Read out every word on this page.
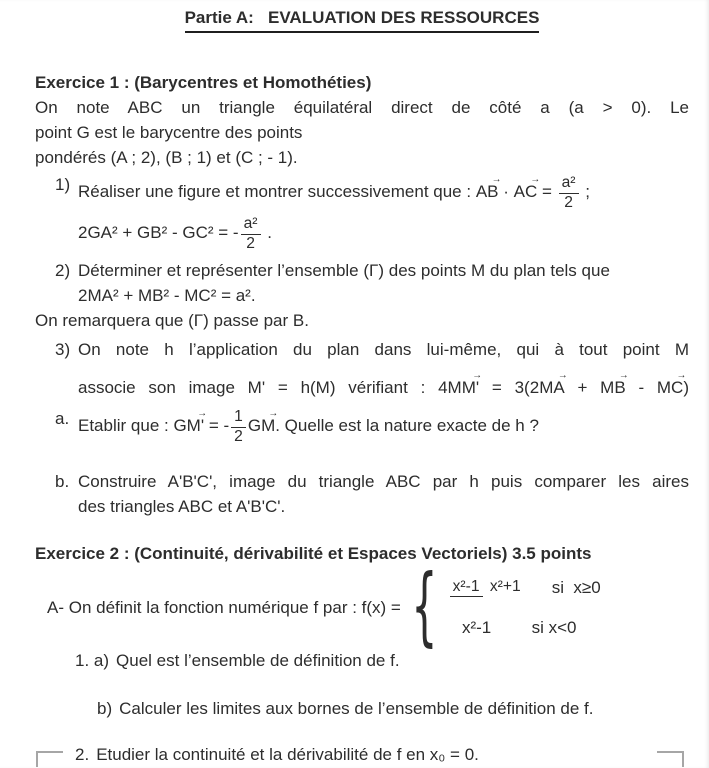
Partie A:   EVALUATION DES RESSOURCES
Exercice 1 : (Barycentres et Homothéties)
On note ABC un triangle équilatéral direct de côté a (a > 0). Le
point G est le barycentre des points
pondérés (A ; 2), (B ; 1) et (C ; - 1).
1) Réaliser une figure et montrer successivement que : AB → · AC → = $\frac{\text{a²}}{2}$ ;
2GA² + GB² - GC² = - $\frac{\text{a²}}{2}$ .
2) Déterminer et représenter l’ensemble (Γ) des points M du plan tels que
2MA² + MB² - MC² = a².
On remarquera que (Γ) passe par B.
3) On note h l’application du plan dans lui-même, qui à tout point M
associe son image M' = h(M) vérifiant : 4MM' → = 3(2MA → + MB → - MC →)
a. Etablir que : GM' → = - $\frac{1}{2}$ GM →. Quelle est la nature exacte de h ?
b. Construire A'B'C', image du triangle ABC par h puis comparer les aires
des triangles ABC et A'B'C'.
Exercice 2 : (Continuité, dérivabilité et Espaces Vectoriels) 3.5 points
A- On définit la fonction numérique f par : f(x) = { x²-1 x²+1 si  x≥0
x²-1	si x<0
1. a) Quel est l’ensemble de définition de f.
b) Calculer les limites aux bornes de l’ensemble de définition de f.
2. Etudier la continuité et la dérivabilité de f en x₀ = 0.
